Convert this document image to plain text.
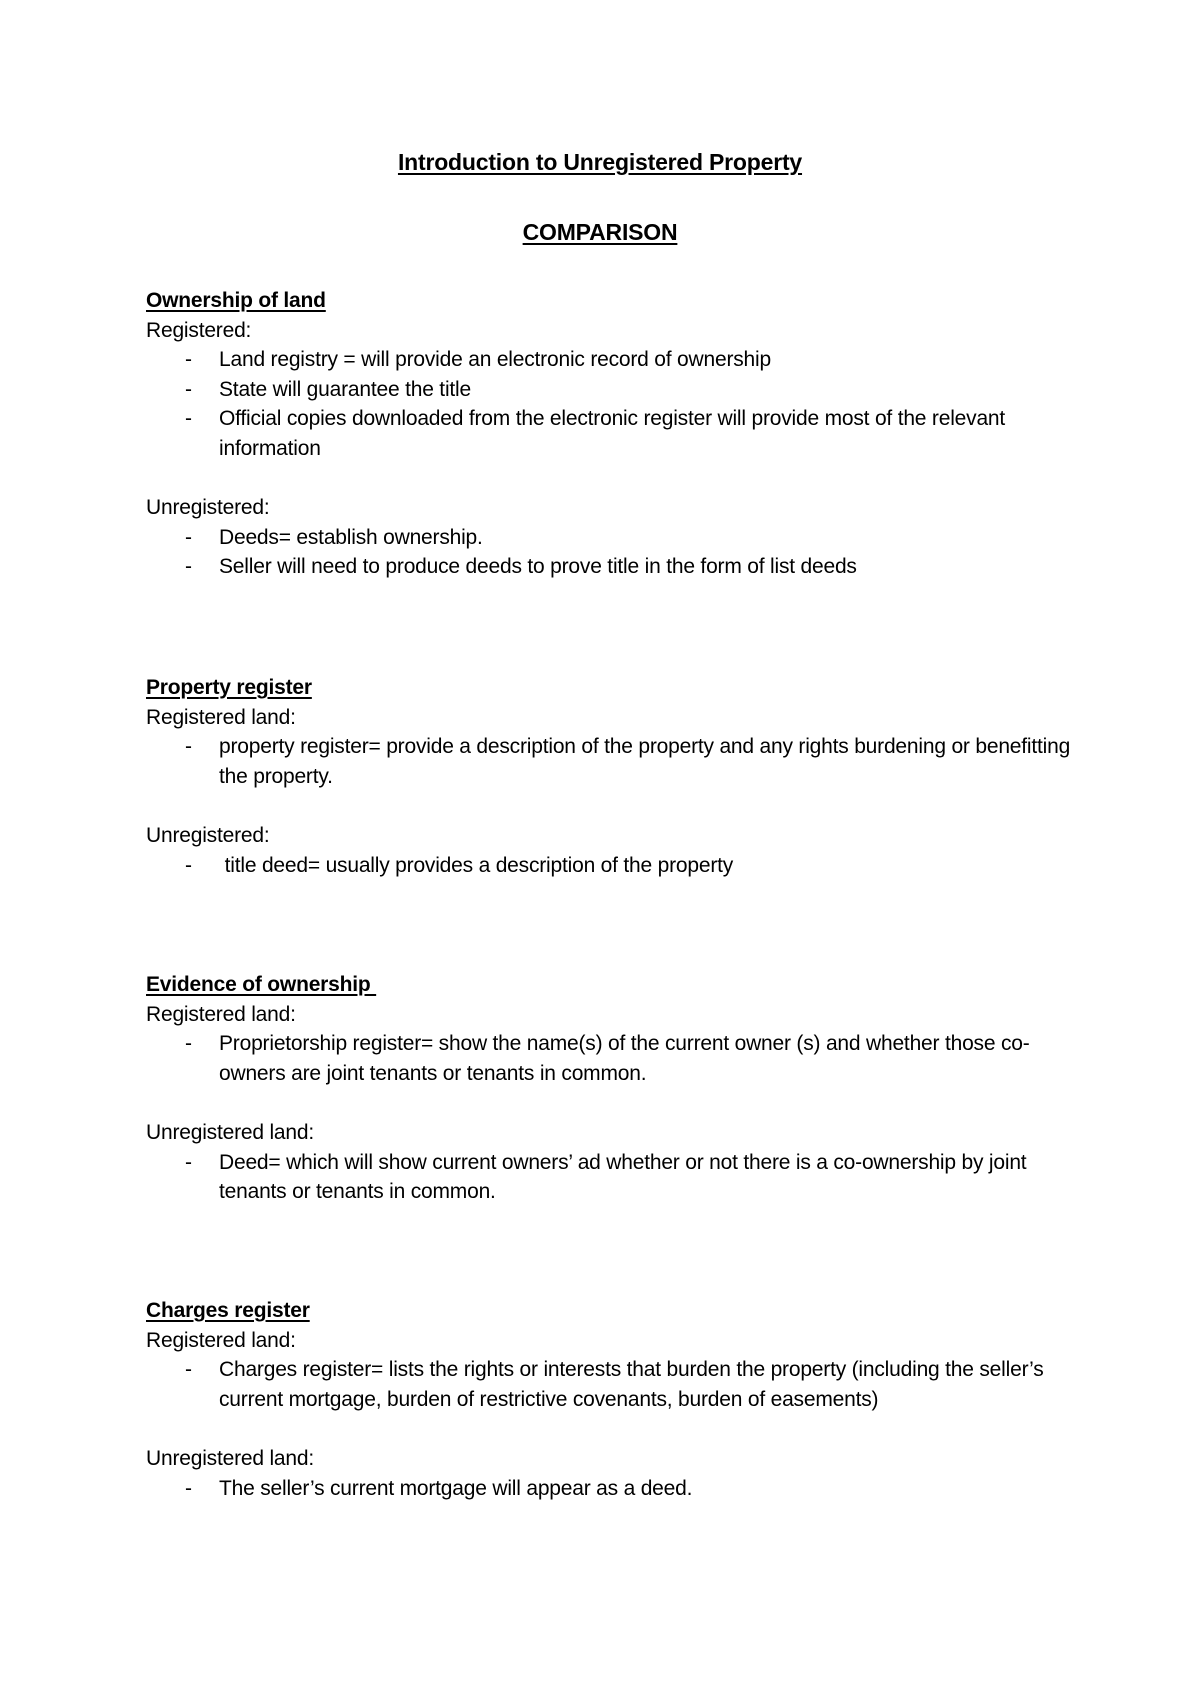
Introduction to Unregistered Property
COMPARISON

Ownership of land

Registered:

- Land registry = will provide an electronic record of ownership
- State will guarantee the title
- Official copies downloaded from the electronic register will provide most of the relevant information

Unregistered:

- Deeds= establish ownership.
- Seller will need to produce deeds to prove title in the form of list deeds

Property register

Registered land:

- property register= provide a description of the property and any rights burdening or benefitting the property.

Unregistered:

- title deed= usually provides a description of the property

Evidence of ownership

Registered land:

- Proprietorship register= show the name(s) of the current owner (s) and whether those co-owners are joint tenants or tenants in common.

Unregistered land:

- Deed= which will show current owners’ ad whether or not there is a co-ownership by joint tenants or tenants in common.

Charges register

Registered land:

- Charges register= lists the rights or interests that burden the property (including the seller’s current mortgage, burden of restrictive covenants, burden of easements)

Unregistered land:

- The seller’s current mortgage will appear as a deed.
